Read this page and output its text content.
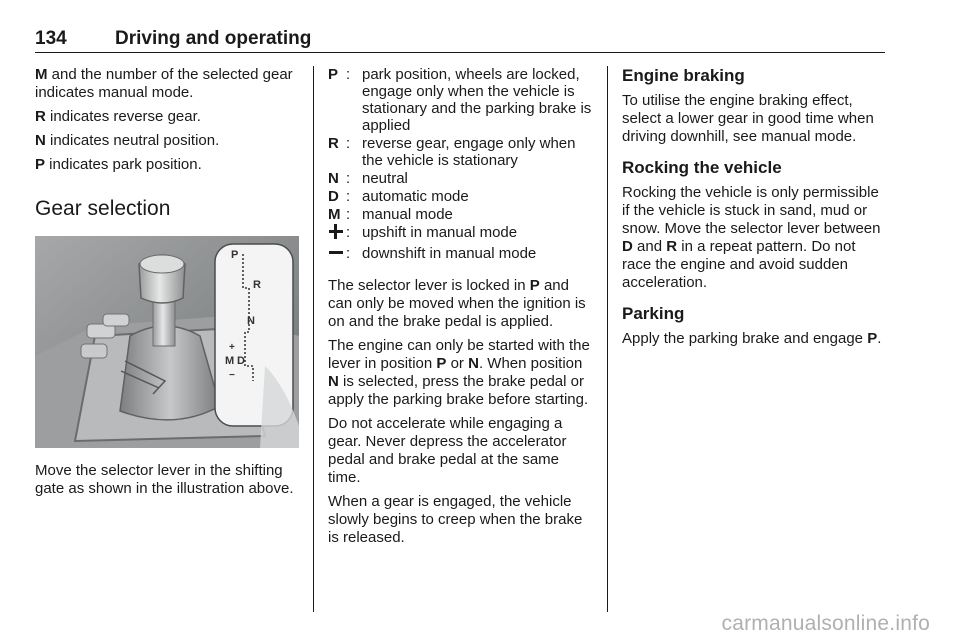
134	Driving and operating

M and the number of the selected gear indicates manual mode.

R indicates reverse gear.

N indicates neutral position.

P indicates park position.

Gear selection
P
R
N
+
M D
−

Move the selector lever in the shifting gate as shown in the illustration above.

P : park position, wheels are locked, engage only when the vehicle is stationary and the parking brake is applied
R : reverse gear, engage only when the vehicle is stationary
N : neutral
D : automatic mode
M : manual mode
: upshift in manual mode
: downshift in manual mode

The selector lever is locked in P and can only be moved when the ignition is on and the brake pedal is applied.

The engine can only be started with the lever in position P or N. When position N is selected, press the brake pedal or apply the parking brake before starting.

Do not accelerate while engaging a gear. Never depress the accelerator pedal and brake pedal at the same time.

When a gear is engaged, the vehicle slowly begins to creep when the brake is released.

Engine braking

To utilise the engine braking effect, select a lower gear in good time when driving downhill, see manual mode.

Rocking the vehicle

Rocking the vehicle is only permissible if the vehicle is stuck in sand, mud or snow. Move the selector lever between D and R in a repeat pattern. Do not race the engine and avoid sudden acceleration.

Parking

Apply the parking brake and engage P.

carmanualsonline.info
